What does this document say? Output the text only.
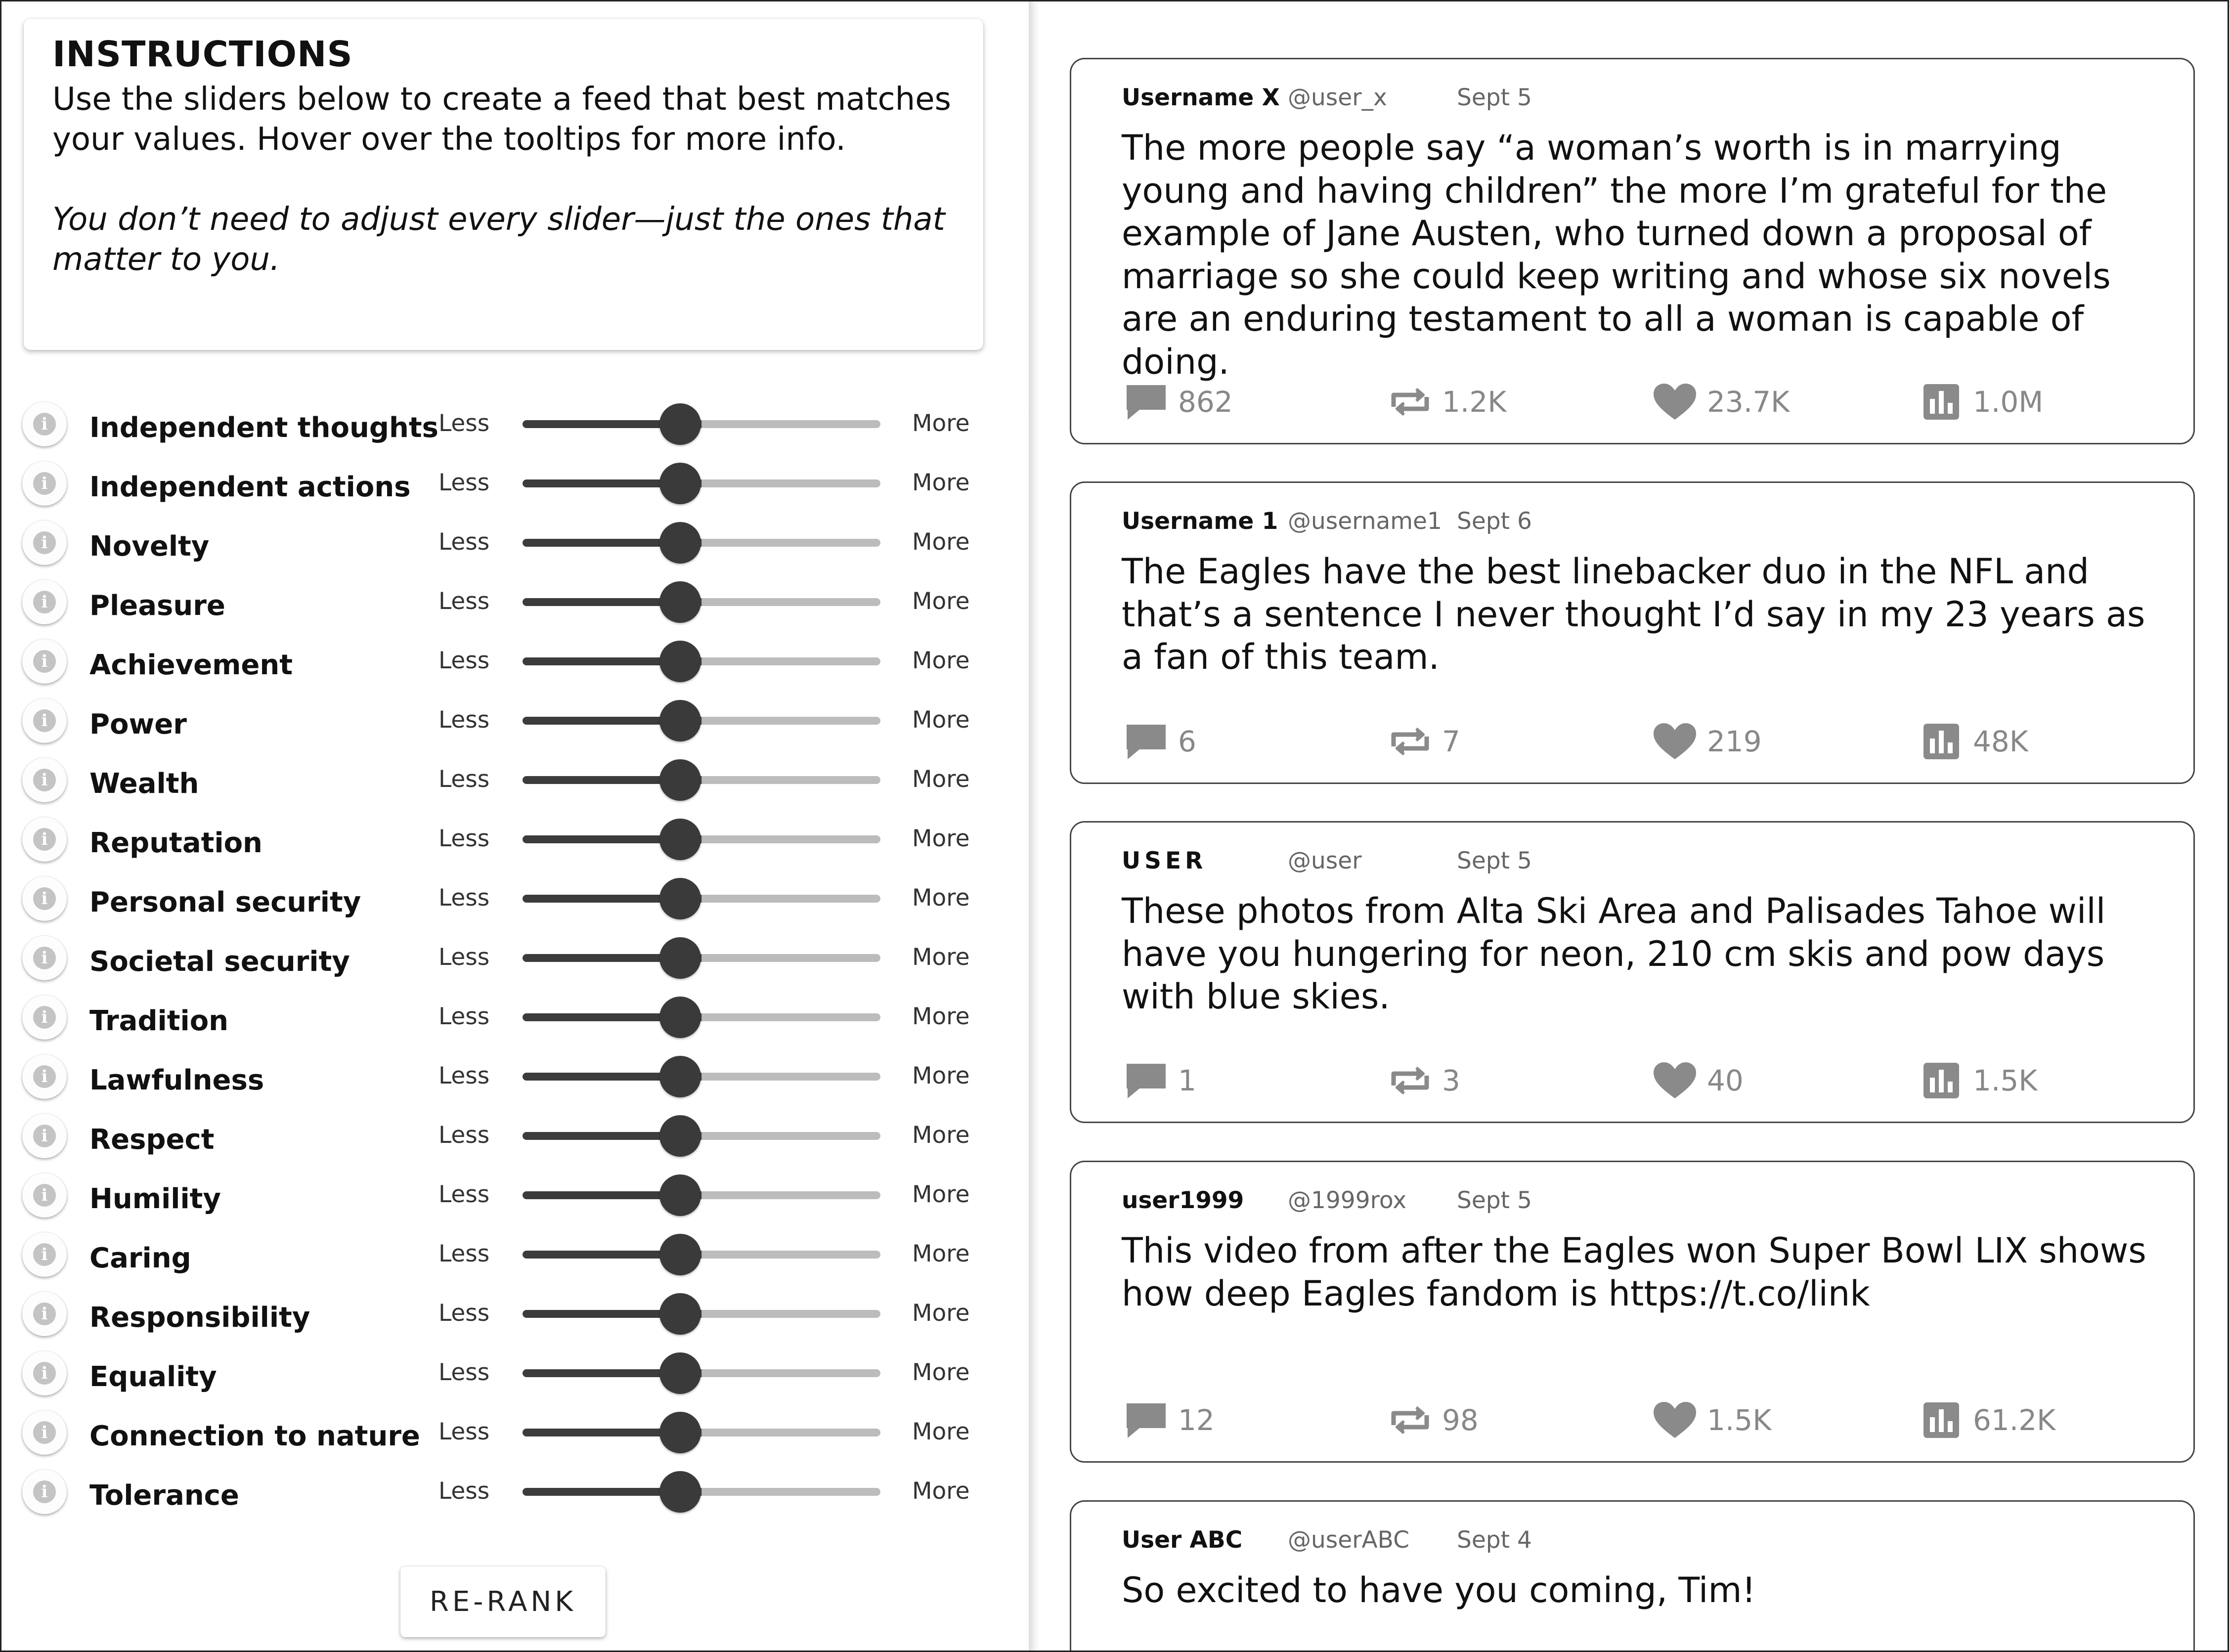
INSTRUCTIONS
Use the sliders below to create a feed that best matches your values. Hover over the tooltips for more info.
You don’t need to adjust every slider—just the ones that matter to you.
i Independent thoughts Less	More
i Independent actions Less	More
i Novelty	Less	More
i Pleasure	Less	More
i Achievement	Less	More
i Power	Less	More
i Wealth	Less	More
i Reputation	Less	More
i Personal security	Less	More
i Societal security	Less	More
i Tradition	Less	More
i Lawfulness	Less	More
i Respect	Less	More
i Humility	Less	More
i Caring	Less	More
i Responsibility	Less	More
i Equality	Less	More
i Connection to nature Less	More
i Tolerance	Less	More
RE-RANK
Username X @user_x	Sept 5
The more people say “a woman’s worth is in marrying young and having children” the more I’m grateful for the example of Jane Austen, who turned down a proposal of marriage so she could keep writing and whose six novels are an enduring testament to all a woman is capable of doing.
862	1.2K	23.7K	1.0M
Username 1 @username1 Sept 6
The Eagles have the best linebacker duo in the NFL and that’s a sentence I never thought I’d say in my 23 years as a fan of this team.
6	7	219	48K
USER	@user	Sept 5
These photos from Alta Ski Area and Palisades Tahoe will have you hungering for neon, 210 cm skis and pow days with blue skies.
1	3	40	1.5K
user1999 @1999rox Sept 5
This video from after the Eagles won Super Bowl LIX shows how deep Eagles fandom is https://t.co/link
12	98	1.5K	61.2K
User ABC @userABC Sept 4
So excited to have you coming, Tim!
